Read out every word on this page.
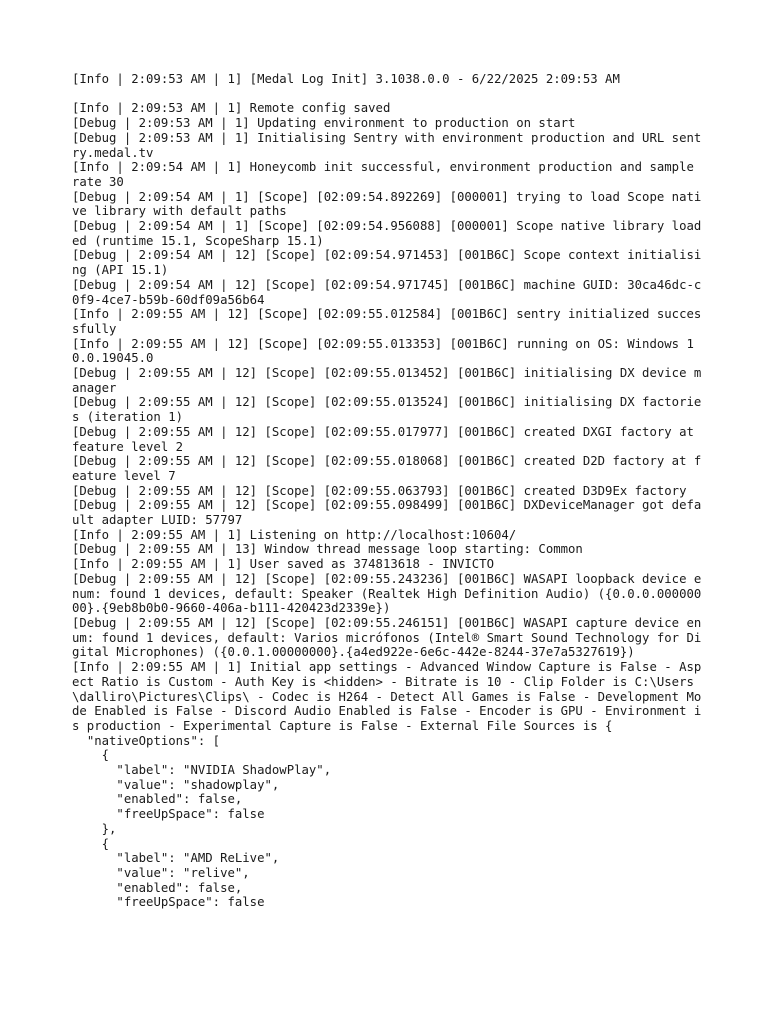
[Info | 2:09:53 AM | 1] [Medal Log Init] 3.1038.0.0 - 6/22/2025 2:09:53 AM
[Info | 2:09:53 AM | 1] Remote config saved
[Debug | 2:09:53 AM | 1] Updating environment to production on start
[Debug | 2:09:53 AM | 1] Initialising Sentry with environment production and URL sentry.medal.tv
[Info | 2:09:54 AM | 1] Honeycomb init successful, environment production and sample rate 30
[Debug | 2:09:54 AM | 1] [Scope] [02:09:54.892269] [000001] trying to load Scope native library with default paths
[Debug | 2:09:54 AM | 1] [Scope] [02:09:54.956088] [000001] Scope native library loaded (runtime 15.1, ScopeSharp 15.1)
[Debug | 2:09:54 AM | 12] [Scope] [02:09:54.971453] [001B6C] Scope context initialising (API 15.1)
[Debug | 2:09:54 AM | 12] [Scope] [02:09:54.971745] [001B6C] machine GUID: 30ca46dc-c0f9-4ce7-b59b-60df09a56b64
[Info | 2:09:55 AM | 12] [Scope] [02:09:55.012584] [001B6C] sentry initialized successfully
[Info | 2:09:55 AM | 12] [Scope] [02:09:55.013353] [001B6C] running on OS: Windows 10.0.19045.0
[Debug | 2:09:55 AM | 12] [Scope] [02:09:55.013452] [001B6C] initialising DX device manager
[Debug | 2:09:55 AM | 12] [Scope] [02:09:55.013524] [001B6C] initialising DX factories (iteration 1)
[Debug | 2:09:55 AM | 12] [Scope] [02:09:55.017977] [001B6C] created DXGI factory at feature level 2
[Debug | 2:09:55 AM | 12] [Scope] [02:09:55.018068] [001B6C] created D2D factory at feature level 7
[Debug | 2:09:55 AM | 12] [Scope] [02:09:55.063793] [001B6C] created D3D9Ex factory
[Debug | 2:09:55 AM | 12] [Scope] [02:09:55.098499] [001B6C] DXDeviceManager got default adapter LUID: 57797
[Info | 2:09:55 AM | 1] Listening on http://localhost:10604/
[Debug | 2:09:55 AM | 13] Window thread message loop starting: Common
[Info | 2:09:55 AM | 1] User saved as 374813618 - INVICTO
[Debug | 2:09:55 AM | 12] [Scope] [02:09:55.243236] [001B6C] WASAPI loopback device enum: found 1 devices, default: Speaker (Realtek High Definition Audio) ({0.0.0.00000000}.{9eb8b0b0-9660-406a-b111-420423d2339e})
[Debug | 2:09:55 AM | 12] [Scope] [02:09:55.246151] [001B6C] WASAPI capture device enum: found 1 devices, default: Varios micrófonos (Intel® Smart Sound Technology for Digital Microphones) ({0.0.1.00000000}.{a4ed922e-6e6c-442e-8244-37e7a5327619})
[Info | 2:09:55 AM | 1] Initial app settings - Advanced Window Capture is False - Aspect Ratio is Custom - Auth Key is <hidden> - Bitrate is 10 - Clip Folder is C:\Users\dalliro\Pictures\Clips\ - Codec is H264 - Detect All Games is False - Development Mode Enabled is False - Discord Audio Enabled is False - Encoder is GPU - Environment is production - Experimental Capture is False - External File Sources is {
"nativeOptions": [
{
"label": "NVIDIA ShadowPlay",
"value": "shadowplay",
"enabled": false,
"freeUpSpace": false
},
{
"label": "AMD ReLive",
"value": "relive",
"enabled": false,
"freeUpSpace": false
